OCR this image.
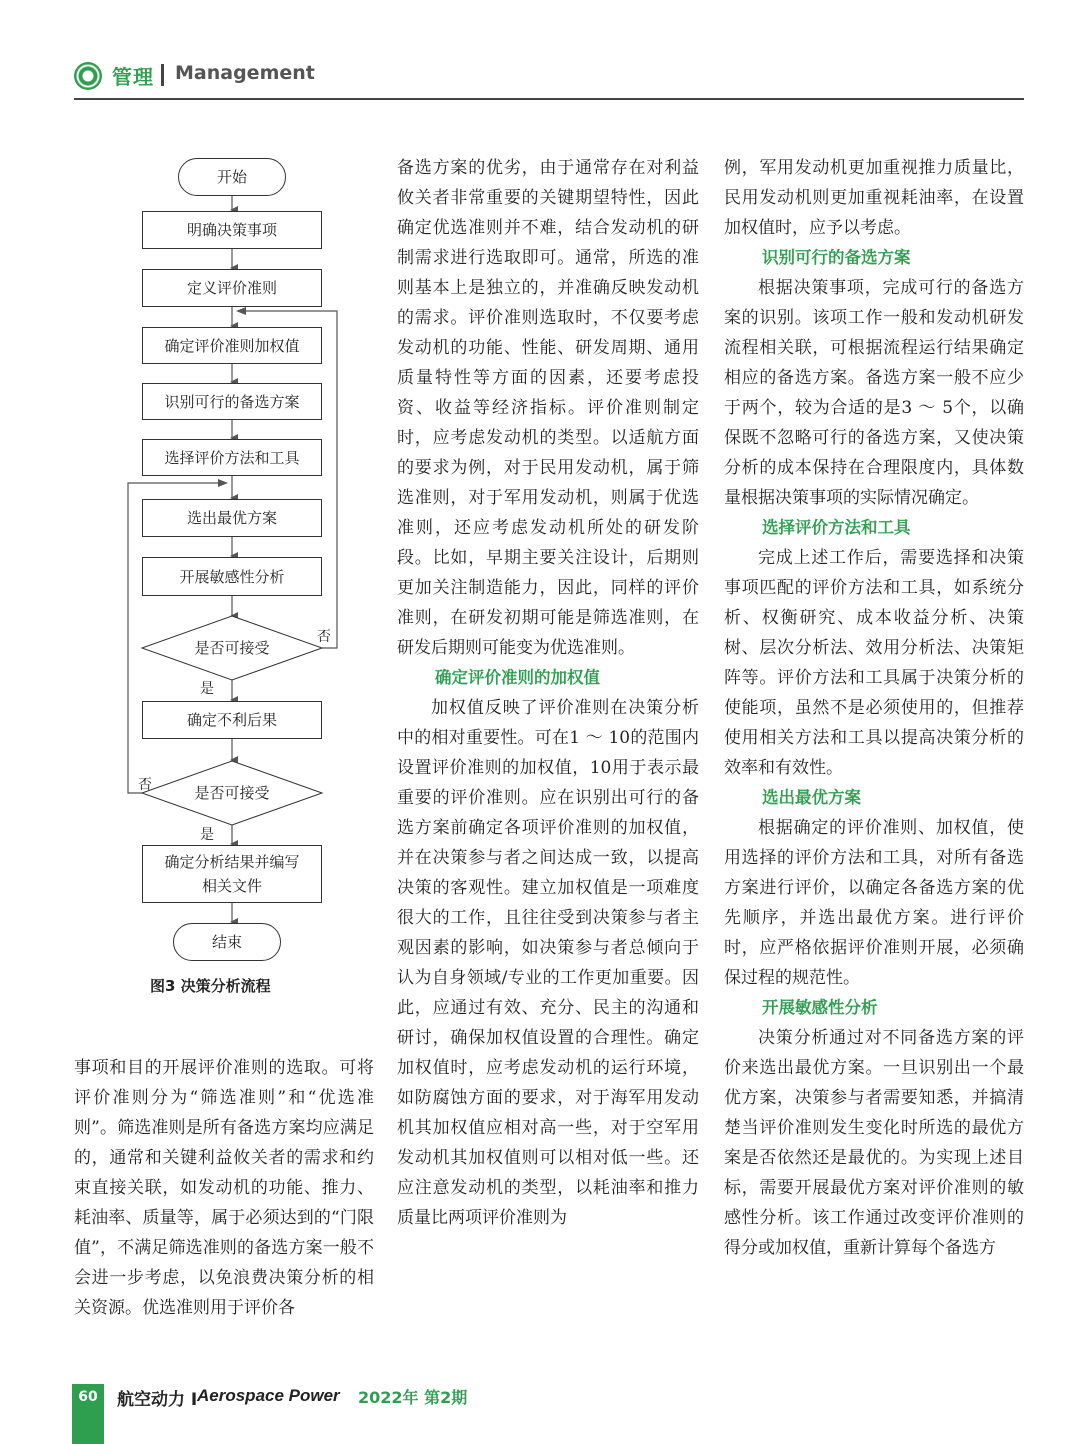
管理 Management
开始
明确决策事项
定义评价准则
确定评价准则加权值
识别可行的备选方案
选择评价方法和工具
选出最优方案
开展敏感性分析
是否可接受
否
是
确定不利后果
是否可接受
否
是
确定分析结果并编写
相关文件
结束
图3 决策分析流程

事项和目的开展评价准则的选取。可将评价准则分为“筛选准则”和“优选准则”。筛选准则是所有备选方案均应满足的，通常和关键利益攸关者的需求和约束直接关联，如发动机的功能、推力、耗油率、质量等，属于必须达到的“门限值”，不满足筛选准则的备选方案一般不会进一步考虑，以免浪费决策分析的相关资源。优选准则用于评价各

备选方案的优劣，由于通常存在对利益攸关者非常重要的关键期望特性，因此确定优选准则并不难，结合发动机的研制需求进行选取即可。通常，所选的准则基本上是独立的，并准确反映发动机的需求。评价准则选取时，不仅要考虑发动机的功能、性能、研发周期、通用质量特性等方面的因素，还要考虑投资、收益等经济指标。评价准则制定时，应考虑发动机的类型。以适航方面的要求为例，对于民用发动机，属于筛选准则，对于军用发动机，则属于优选准则，还应考虑发动机所处的研发阶段。比如，早期主要关注设计，后期则更加关注制造能力，因此，同样的评价准则，在研发初期可能是筛选准则，在研发后期则可能变为优选准则。

确定评价准则的加权值

加权值反映了评价准则在决策分析中的相对重要性。可在1 ～ 10的范围内设置评价准则的加权值，10用于表示最重要的评价准则。应在识别出可行的备选方案前确定各项评价准则的加权值，并在决策参与者之间达成一致，以提高决策的客观性。建立加权值是一项难度很大的工作，且往往受到决策参与者主观因素的影响，如决策参与者总倾向于认为自身领域/专业的工作更加重要。因此，应通过有效、充分、民主的沟通和研讨，确保加权值设置的合理性。确定加权值时，应考虑发动机的运行环境，如防腐蚀方面的要求，对于海军用发动机其加权值应相对高一些，对于空军用发动机其加权值则可以相对低一些。还应注意发动机的类型，以耗油率和推力质量比两项评价准则为

例，军用发动机更加重视推力质量比，民用发动机则更加重视耗油率，在设置加权值时，应予以考虑。

识别可行的备选方案

根据决策事项，完成可行的备选方案的识别。该项工作一般和发动机研发流程相关联，可根据流程运行结果确定相应的备选方案。备选方案一般不应少于两个，较为合适的是3 ～ 5个，以确保既不忽略可行的备选方案，又使决策分析的成本保持在合理限度内，具体数量根据决策事项的实际情况确定。

选择评价方法和工具

完成上述工作后，需要选择和决策事项匹配的评价方法和工具，如系统分析、权衡研究、成本收益分析、决策树、层次分析法、效用分析法、决策矩阵等。评价方法和工具属于决策分析的使能项，虽然不是必须使用的，但推荐使用相关方法和工具以提高决策分析的效率和有效性。

选出最优方案

根据确定的评价准则、加权值，使用选择的评价方法和工具，对所有备选方案进行评价，以确定各备选方案的优先顺序，并选出最优方案。进行评价时，应严格依据评价准则开展，必须确保过程的规范性。

开展敏感性分析

决策分析通过对不同备选方案的评价来选出最优方案。一旦识别出一个最优方案，决策参与者需要知悉，并搞清楚当评价准则发生变化时所选的最优方案是否依然还是最优的。为实现上述目标，需要开展最优方案对评价准则的敏感性分析。该工作通过改变评价准则的得分或加权值，重新计算每个备选方

60	航空动力 I Aerospace Power 2022年 第2期
